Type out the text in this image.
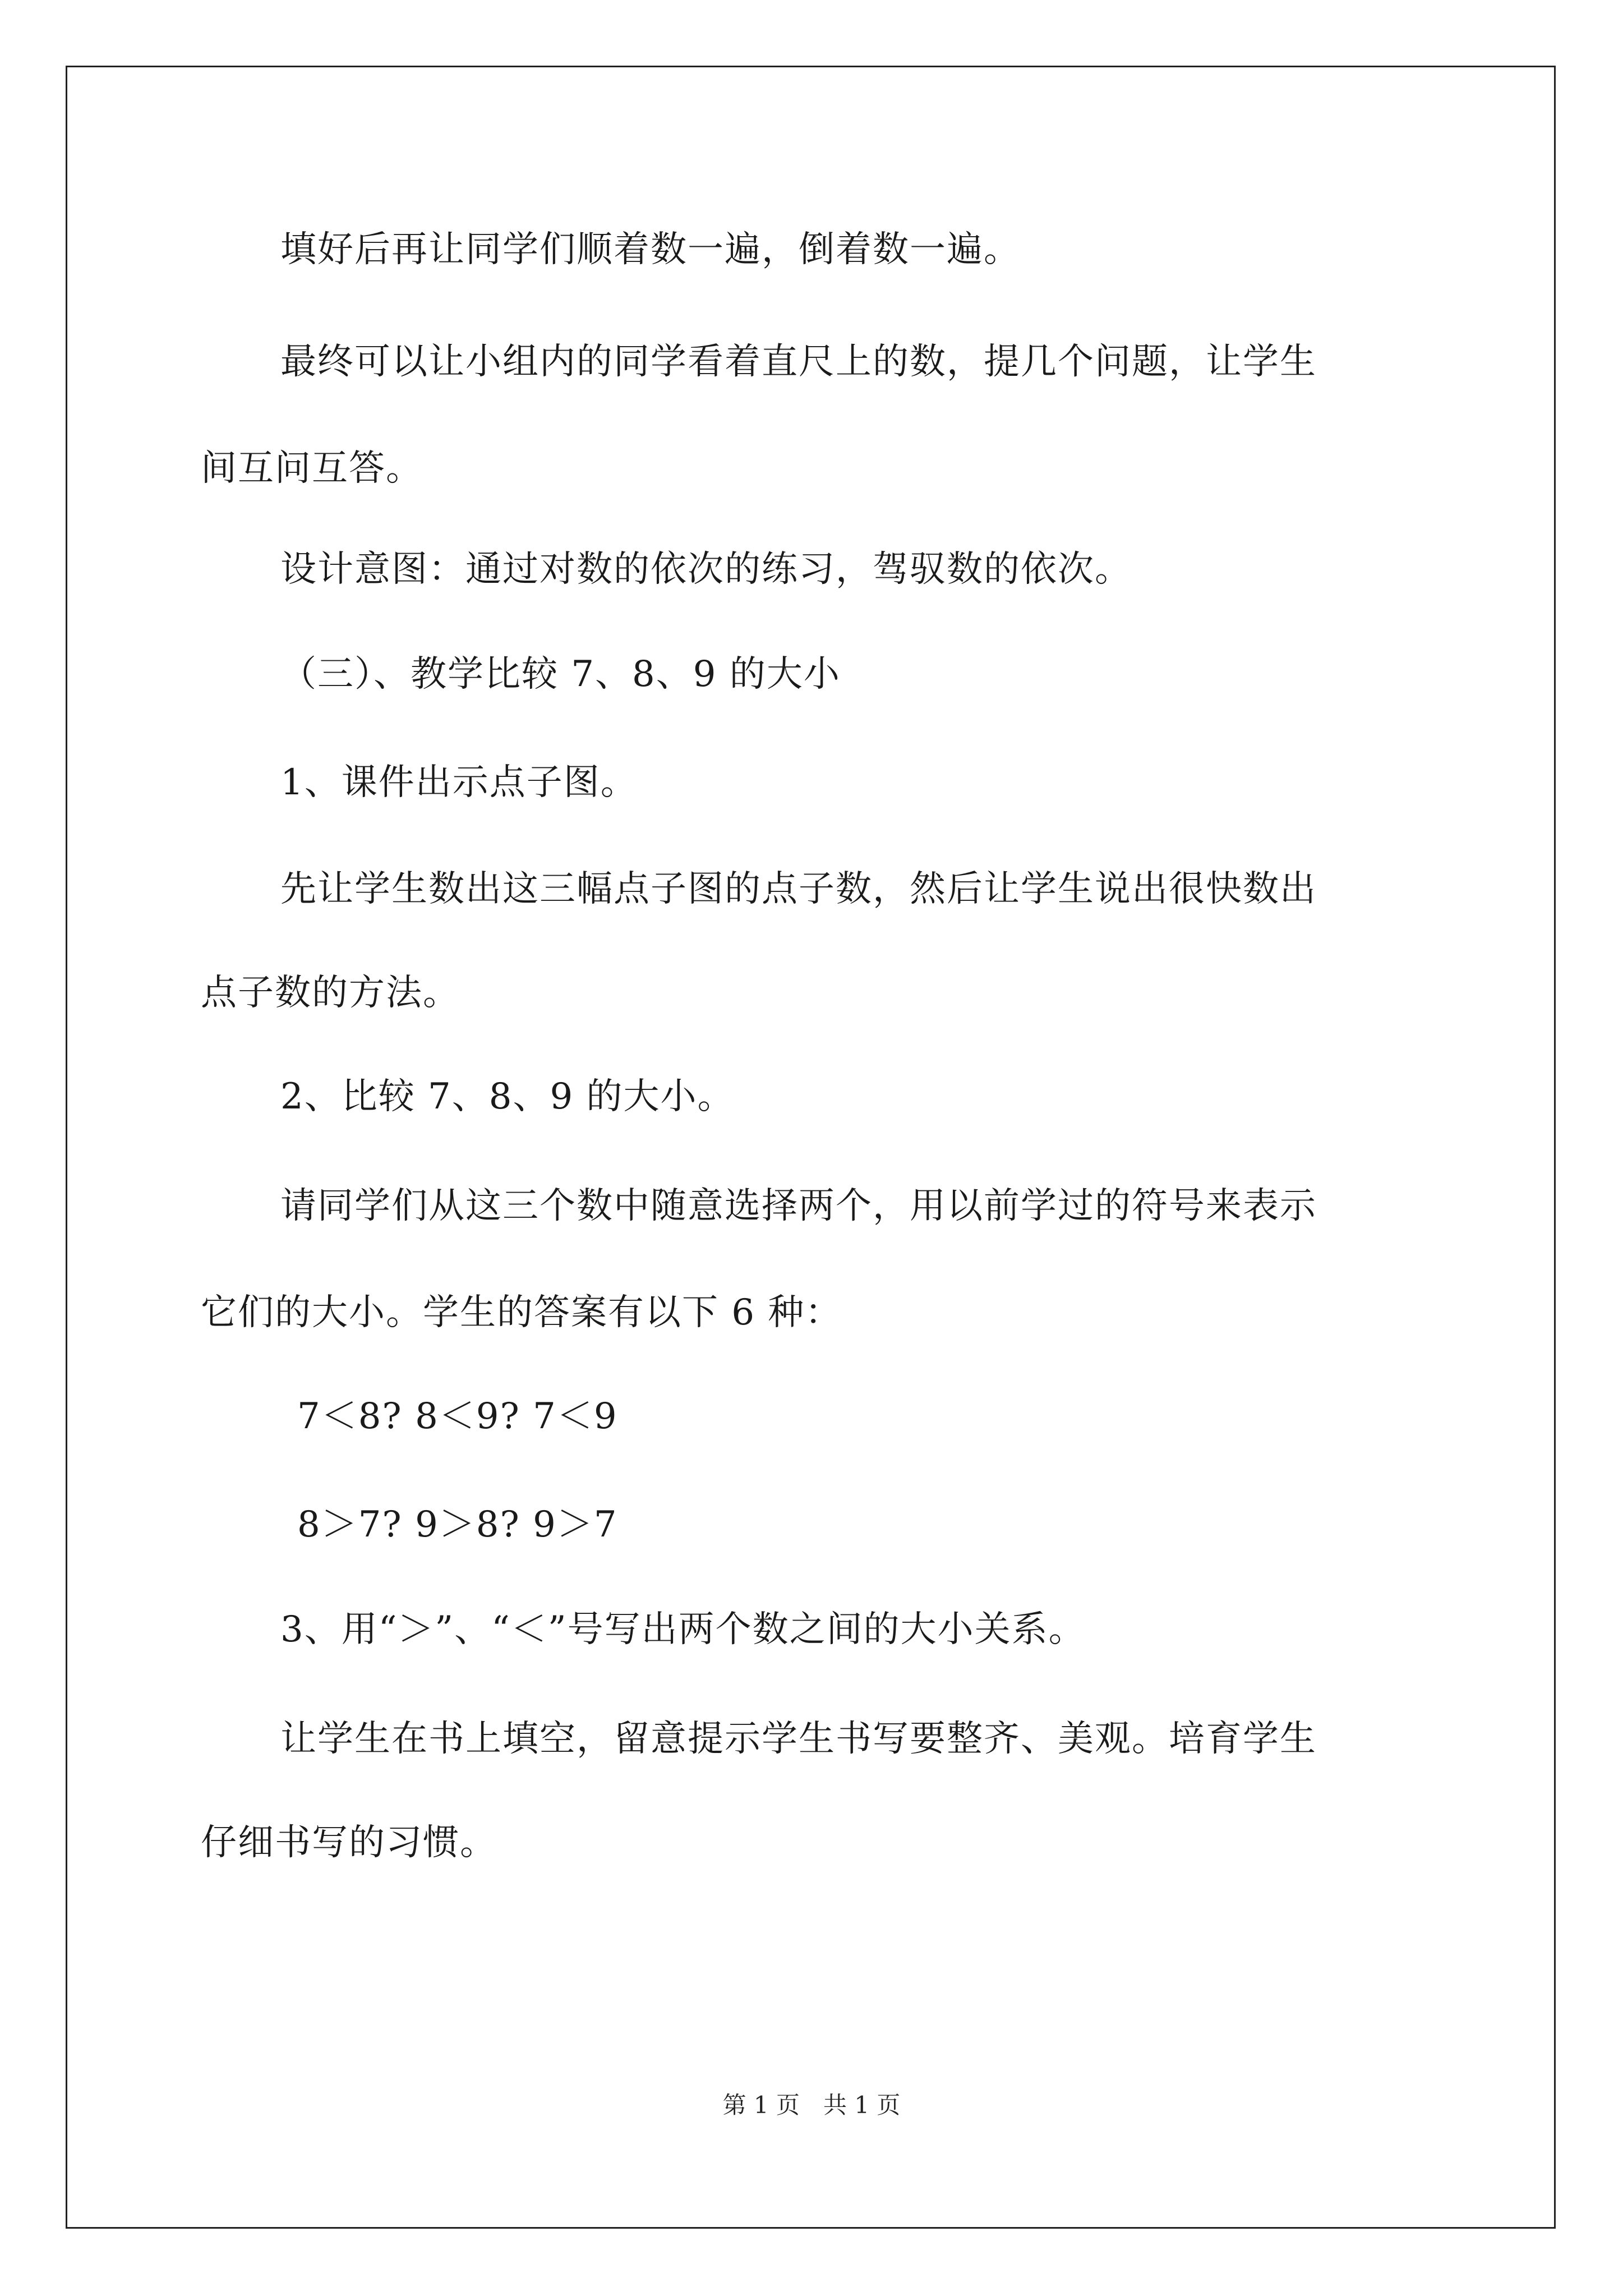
填好后再让同学们顺着数一遍，倒着数一遍。
最终可以让小组内的同学看着直尺上的数，提几个问题，让学生
间互问互答。
设计意图：通过对数的依次的练习，驾驭数的依次。
（三）、教学比较 7、8、9 的大小
1、课件出示点子图。
先让学生数出这三幅点子图的点子数，然后让学生说出很快数出
点子数的方法。
2、比较 7、8、9 的大小。
请同学们从这三个数中随意选择两个，用以前学过的符号来表示
它们的大小。学生的答案有以下 6 种：
7＜8? 8＜9? 7＜9
8＞7? 9＞8? 9＞7
3、用“＞”、“＜”号写出两个数之间的大小关系。
让学生在书上填空，留意提示学生书写要整齐、美观。培育学生
仔细书写的习惯。
第 1 页　共 1 页
